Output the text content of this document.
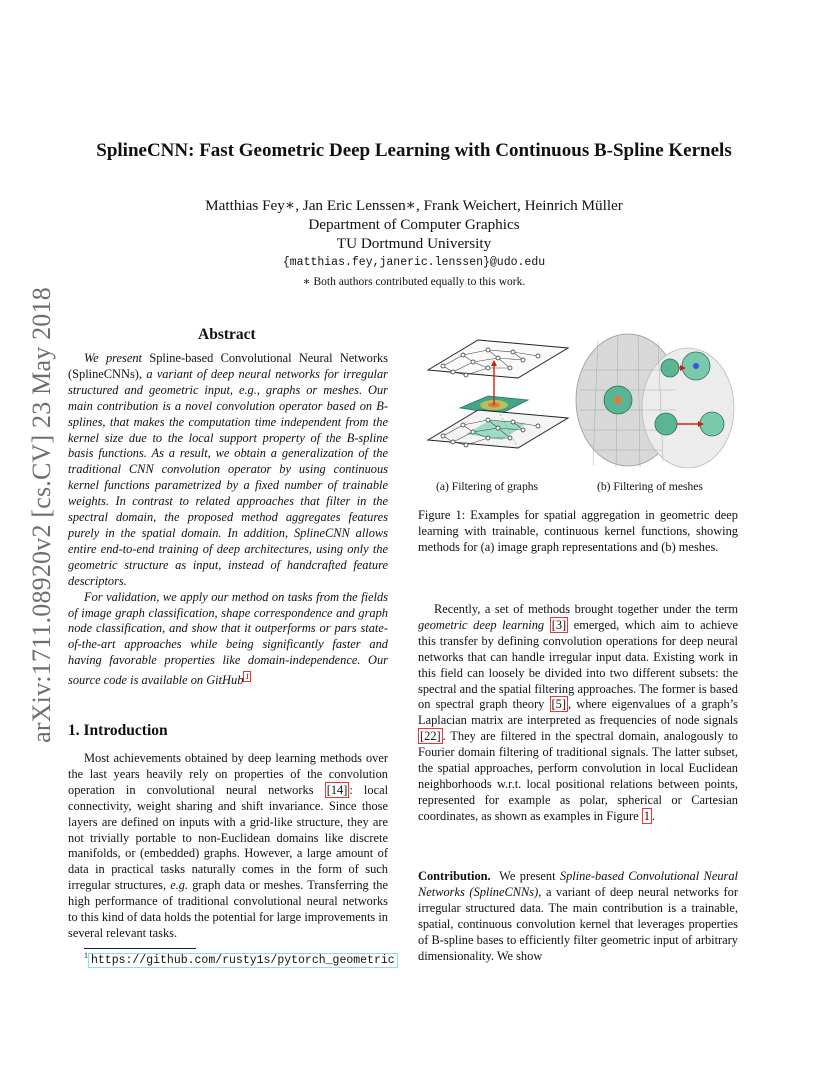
arXiv:1711.08920v2 [cs.CV] 23 May 2018
SplineCNN: Fast Geometric Deep Learning with Continuous B-Spline Kernels
Matthias Fey∗, Jan Eric Lenssen∗, Frank Weichert, Heinrich Müller
Department of Computer Graphics
TU Dortmund University
{matthias.fey,janeric.lenssen}@udo.edu
∗ Both authors contributed equally to this work.
Abstract

We present Spline-based Convolutional Neural Networks (SplineCNNs), a variant of deep neural networks for irregular structured and geometric input, e.g., graphs or meshes. Our main contribution is a novel convolution operator based on B-splines, that makes the computation time independent from the kernel size due to the local support property of the B-spline basis functions. As a result, we obtain a generalization of the traditional CNN convolution operator by using continuous kernel functions parametrized by a fixed number of trainable weights. In contrast to related approaches that filter in the spectral domain, the proposed method aggregates features purely in the spatial domain. In addition, SplineCNN allows entire end-to-end training of deep architectures, using only the geometric structure as input, instead of handcrafted feature descriptors.

For validation, we apply our method on tasks from the fields of image graph classification, shape correspondence and graph node classification, and show that it outperforms or pars state-of-the-art approaches while being significantly faster and having favorable properties like domain-independence. Our source code is available on GitHub $^1$

1. Introduction

Most achievements obtained by deep learning methods over the last years heavily rely on properties of the convolution operation in convolutional neural networks [14] : local connectivity, weight sharing and shift invariance. Since those layers are defined on inputs with a grid-like structure, they are not trivially portable to non-Euclidean domains like discrete manifolds, or (embedded) graphs. However, a large amount of data in practical tasks naturally comes in the form of such irregular structures, e.g. graph data or meshes. Transferring the high performance of traditional convolutional neural networks to this kind of data holds the potential for large improvements in several relevant tasks.

$^1$ https://github.com/rusty1s/pytorch_geometric
(a) Filtering of graphs	(b) Filtering of meshes

Figure 1: Examples for spatial aggregation in geometric deep learning with trainable, continuous kernel functions, showing methods for (a) image graph representations and (b) meshes.

Recently, a set of methods brought together under the term geometric deep learning [3] emerged, which aim to achieve this transfer by defining convolution operations for deep neural networks that can handle irregular input data. Existing work in this field can loosely be divided into two different subsets: the spectral and the spatial filtering approaches. The former is based on spectral graph theory [5] , where eigenvalues of a graph’s Laplacian matrix are interpreted as frequencies of node signals [22] . They are filtered in the spectral domain, analogously to Fourier domain filtering of traditional signals. The latter subset, the spatial approaches, perform convolution in local Euclidean neighborhoods w.r.t. local positional relations between points, represented for example as polar, spherical or Cartesian coordinates, as shown as examples in Figure 1 .

Contribution. We present Spline-based Convolutional Neural Networks (SplineCNNs), a variant of deep neural networks for irregular structured data. The main contribution is a trainable, spatial, continuous convolution kernel that leverages properties of B-spline bases to efficiently filter geometric input of arbitrary dimensionality. We show
